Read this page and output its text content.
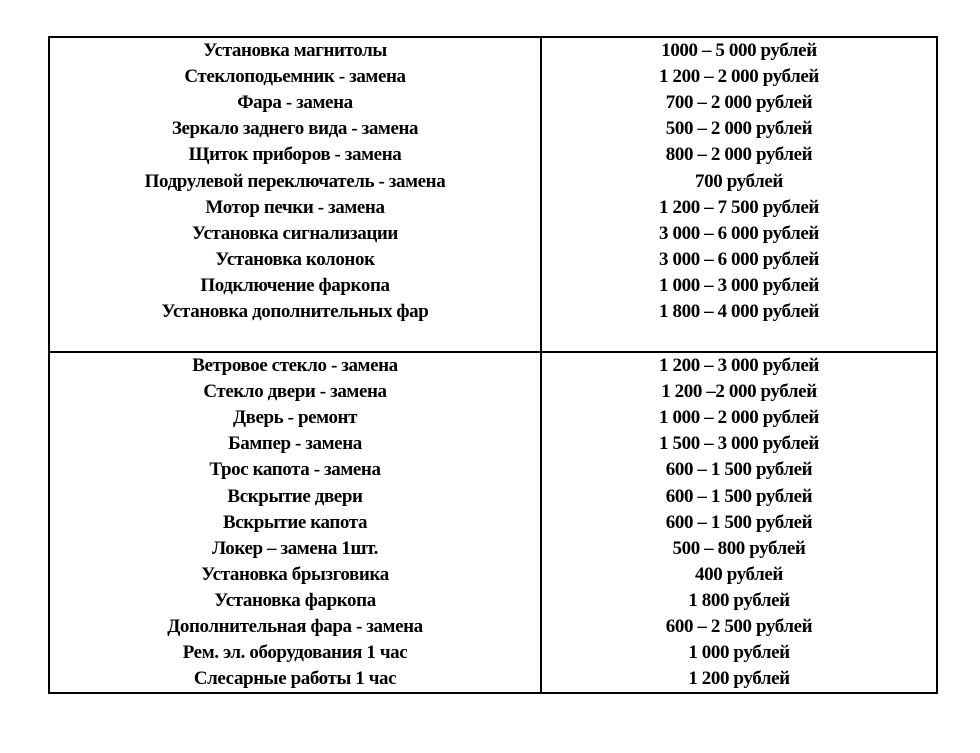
Установка магнитолы	1000 – 5 000 рублей
Стеклоподьемник - замена	1 200 – 2 000 рублей
Фара - замена	700 – 2 000 рублей
Зеркало заднего вида - замена	500 – 2 000 рублей
Щиток приборов - замена	800 – 2 000 рублей
Подрулевой переключатель - замена	700 рублей
Мотор печки - замена	1 200 – 7 500 рублей
Установка сигнализации	3 000 – 6 000 рублей
Установка колонок	3 000 – 6 000 рублей
Подключение фаркопа	1 000 – 3 000 рублей
Установка дополнительных фар	1 800 – 4 000 рублей

Ветровое стекло - замена	1 200 – 3 000 рублей
Стекло двери - замена	1 200 –2 000 рублей
Дверь - ремонт	1 000 – 2 000 рублей
Бампер - замена	1 500 – 3 000 рублей
Трос капота - замена	600 – 1 500 рублей
Вскрытие двери	600 – 1 500 рублей
Вскрытие капота	600 – 1 500 рублей
Локер – замена 1шт.	500 – 800 рублей
Установка брызговика	400 рублей
Установка фаркопа	1 800 рублей
Дополнительная фара - замена	600 – 2 500 рублей
Рем. эл. оборудования 1 час	1 000 рублей
Слесарные работы 1 час	1 200 рублей
